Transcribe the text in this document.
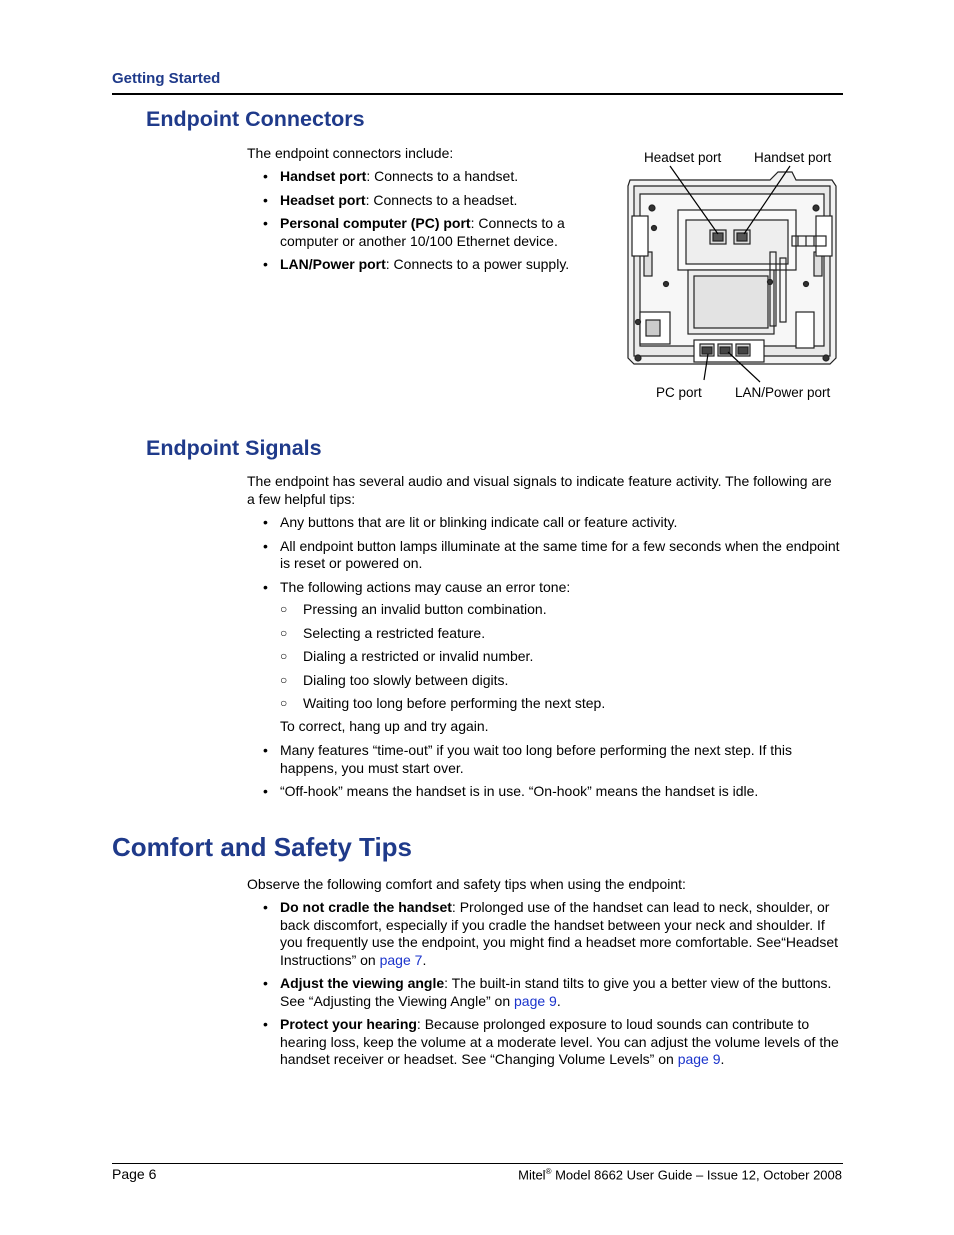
Getting Started
Endpoint Connectors
The endpoint connectors include:
• Handset port: Connects to a handset.
• Headset port: Connects to a headset.
• Personal computer (PC) port: Connects to a computer or another 10/100 Ethernet device.
• LAN/Power port: Connects to a power supply.
Headset port Handset port
PC port LAN/Power port
Endpoint Signals
The endpoint has several audio and visual signals to indicate feature activity. The following are a few helpful tips:
• Any buttons that are lit or blinking indicate call or feature activity.
• All endpoint button lamps illuminate at the same time for a few seconds when the endpoint is reset or powered on.
• The following actions may cause an error tone:
○ Pressing an invalid button combination.
○ Selecting a restricted feature.
○ Dialing a restricted or invalid number.
○ Dialing too slowly between digits.
○ Waiting too long before performing the next step.
To correct, hang up and try again.
• Many features “time-out” if you wait too long before performing the next step. If this happens, you must start over.
• “Off-hook” means the handset is in use. “On-hook” means the handset is idle.
Comfort and Safety Tips
Observe the following comfort and safety tips when using the endpoint:
• Do not cradle the handset: Prolonged use of the handset can lead to neck, shoulder, or back discomfort, especially if you cradle the handset between your neck and shoulder. If you frequently use the endpoint, you might find a headset more comfortable. See“Headset Instructions” on page 7.
• Adjust the viewing angle: The built-in stand tilts to give you a better view of the buttons. See “Adjusting the Viewing Angle” on page 9.
• Protect your hearing: Because prolonged exposure to loud sounds can contribute to hearing loss, keep the volume at a moderate level. You can adjust the volume levels of the handset receiver or headset. See “Changing Volume Levels” on page 9.
Page 6	Mitel® Model 8662 User Guide – Issue 12, October 2008
